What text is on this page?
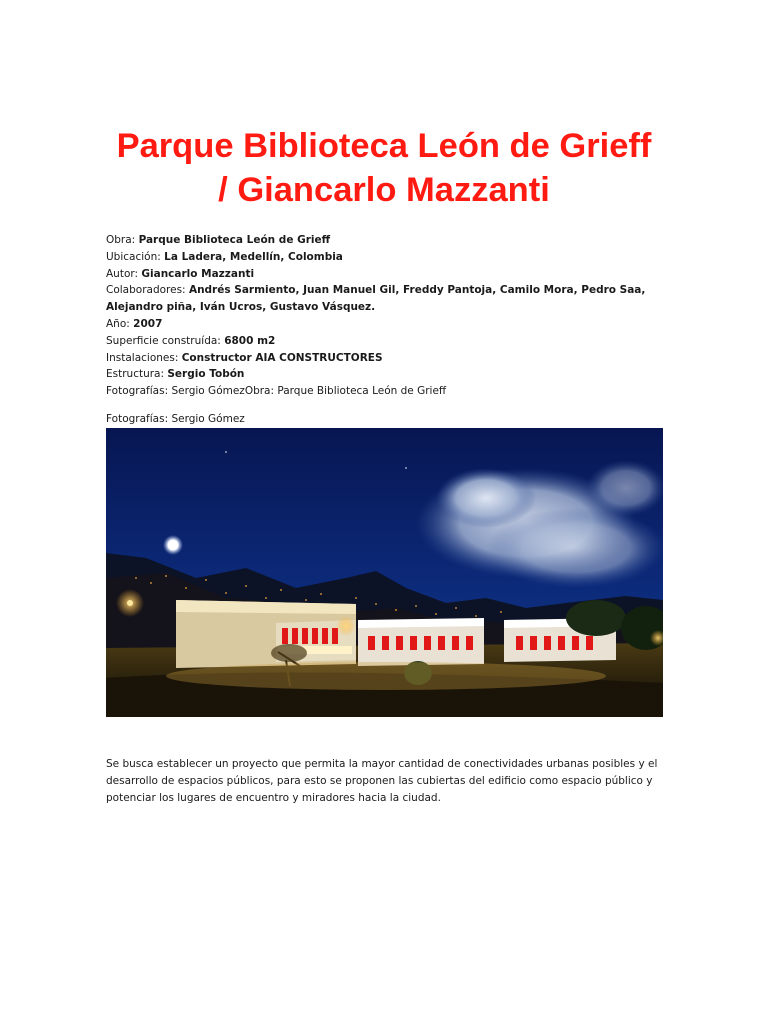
Parque Biblioteca León de Grieff
/ Giancarlo Mazzanti
Obra: Parque Biblioteca León de Grieff
Ubicación: La Ladera, Medellín, Colombia
Autor: Giancarlo Mazzanti
Colaboradores: Andrés Sarmiento, Juan Manuel Gil, Freddy Pantoja, Camilo Mora, Pedro Saa, Alejandro piña, Iván Ucros, Gustavo Vásquez.
Año: 2007
Superficie construída: 6800 m2
Instalaciones: Constructor AIA CONSTRUCTORES
Estructura: Sergio Tobón
Fotografías: Sergio GómezObra: Parque Biblioteca León de Grieff
Fotografías: Sergio Gómez

Se busca establecer un proyecto que permita la mayor cantidad de conectividades urbanas posibles y el desarrollo de espacios públicos, para esto se proponen las cubiertas del edificio como espacio público y potenciar los lugares de encuentro y miradores hacia la ciudad.
